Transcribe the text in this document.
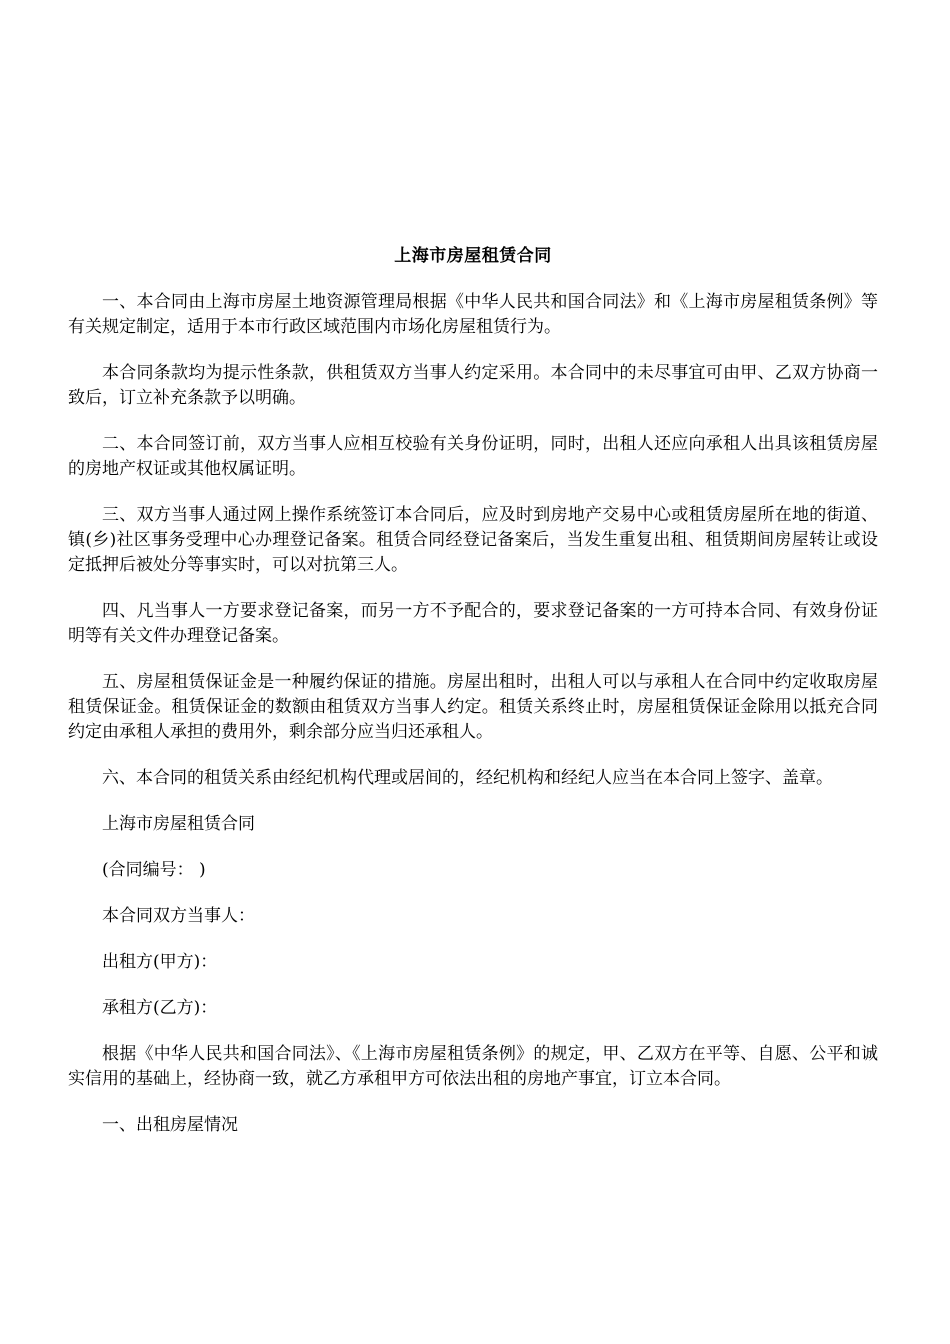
上海市房屋租赁合同

一、本合同由上海市房屋土地资源管理局根据《中华人民共和国合同法》和《上海市房屋租赁条例》等有关规定制定，适用于本市行政区域范围内市场化房屋租赁行为。

本合同条款均为提示性条款，供租赁双方当事人约定采用。本合同中的未尽事宜可由甲、乙双方协商一致后，订立补充条款予以明确。

二、本合同签订前，双方当事人应相互校验有关身份证明，同时，出租人还应向承租人出具该租赁房屋的房地产权证或其他权属证明。

三、双方当事人通过网上操作系统签订本合同后，应及时到房地产交易中心或租赁房屋所在地的街道、镇(乡)社区事务受理中心办理登记备案。租赁合同经登记备案后，当发生重复出租、租赁期间房屋转让或设定抵押后被处分等事实时，可以对抗第三人。

四、凡当事人一方要求登记备案，而另一方不予配合的，要求登记备案的一方可持本合同、有效身份证明等有关文件办理登记备案。

五、房屋租赁保证金是一种履约保证的措施。房屋出租时，出租人可以与承租人在合同中约定收取房屋租赁保证金。租赁保证金的数额由租赁双方当事人约定。租赁关系终止时，房屋租赁保证金除用以抵充合同约定由承租人承担的费用外，剩余部分应当归还承租人。

六、本合同的租赁关系由经纪机构代理或居间的，经纪机构和经纪人应当在本合同上签字、盖章。

上海市房屋租赁合同

(合同编号： )

本合同双方当事人：

出租方(甲方)：

承租方(乙方)：

根据《中华人民共和国合同法》、《上海市房屋租赁条例》的规定，甲、乙双方在平等、自愿、公平和诚实信用的基础上，经协商一致，就乙方承租甲方可依法出租的房地产事宜，订立本合同。

一、出租房屋情况
